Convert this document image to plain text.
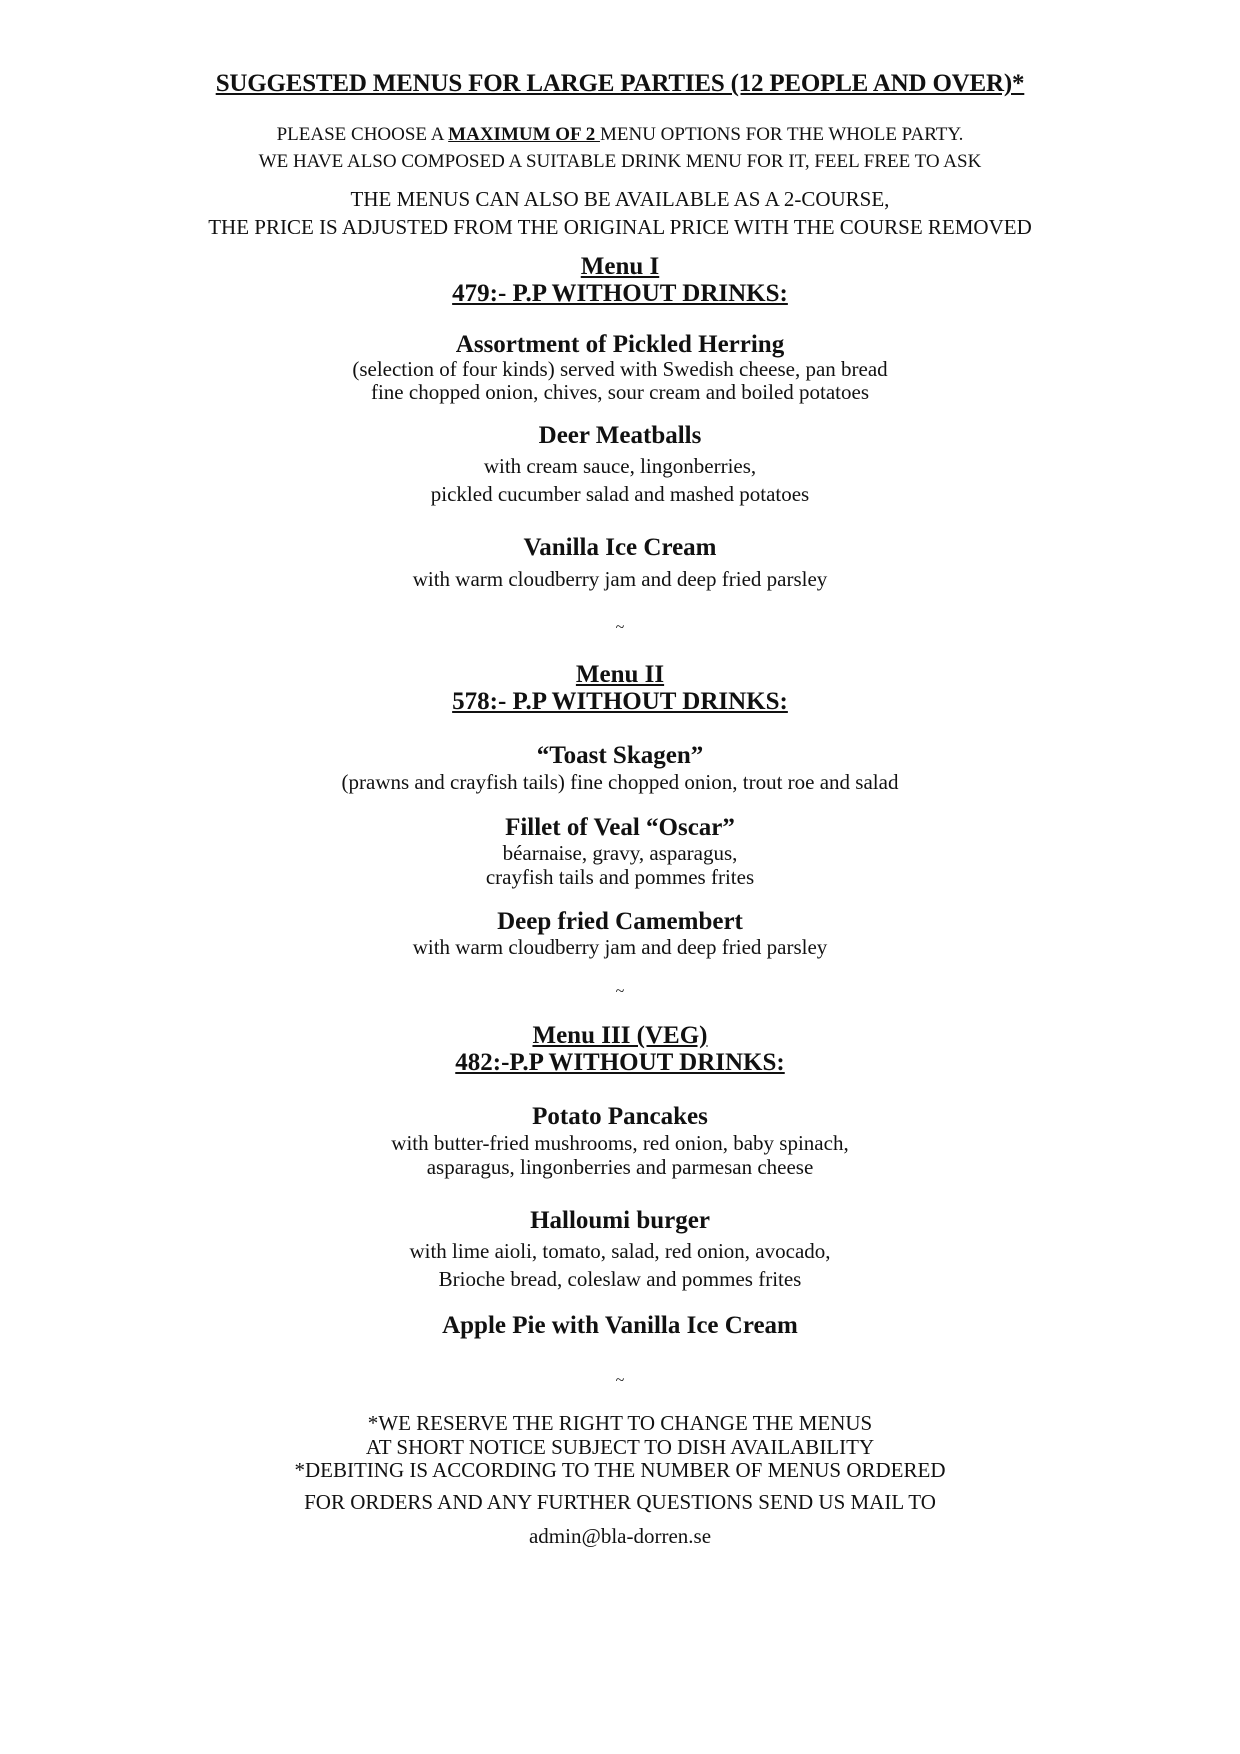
SUGGESTED MENUS FOR LARGE PARTIES (12 PEOPLE AND OVER)*
PLEASE CHOOSE A MAXIMUM OF 2 MENU OPTIONS FOR THE WHOLE PARTY.
WE HAVE ALSO COMPOSED A SUITABLE DRINK MENU FOR IT, FEEL FREE TO ASK
THE MENUS CAN ALSO BE AVAILABLE AS A 2-COURSE,
THE PRICE IS ADJUSTED FROM THE ORIGINAL PRICE WITH THE COURSE REMOVED
Menu I
479:- P.P WITHOUT DRINKS:
Assortment of Pickled Herring
(selection of four kinds) served with Swedish cheese, pan bread
fine chopped onion, chives, sour cream and boiled potatoes
Deer Meatballs
with cream sauce, lingonberries,
pickled cucumber salad and mashed potatoes
Vanilla Ice Cream
with warm cloudberry jam and deep fried parsley
~
Menu II
578:- P.P WITHOUT DRINKS:
“Toast Skagen”
(prawns and crayfish tails) fine chopped onion, trout roe and salad
Fillet of Veal “Oscar”
béarnaise, gravy, asparagus,
crayfish tails and pommes frites
Deep fried Camembert
with warm cloudberry jam and deep fried parsley
~
Menu III (VEG)
482:-P.P WITHOUT DRINKS:
Potato Pancakes
with butter-fried mushrooms, red onion, baby spinach,
asparagus, lingonberries and parmesan cheese
Halloumi burger
with lime aioli, tomato, salad, red onion, avocado,
Brioche bread, coleslaw and pommes frites
Apple Pie with Vanilla Ice Cream
~
*WE RESERVE THE RIGHT TO CHANGE THE MENUS
AT SHORT NOTICE SUBJECT TO DISH AVAILABILITY
*DEBITING IS ACCORDING TO THE NUMBER OF MENUS ORDERED
FOR ORDERS AND ANY FURTHER QUESTIONS SEND US MAIL TO
admin@bla-dorren.se
